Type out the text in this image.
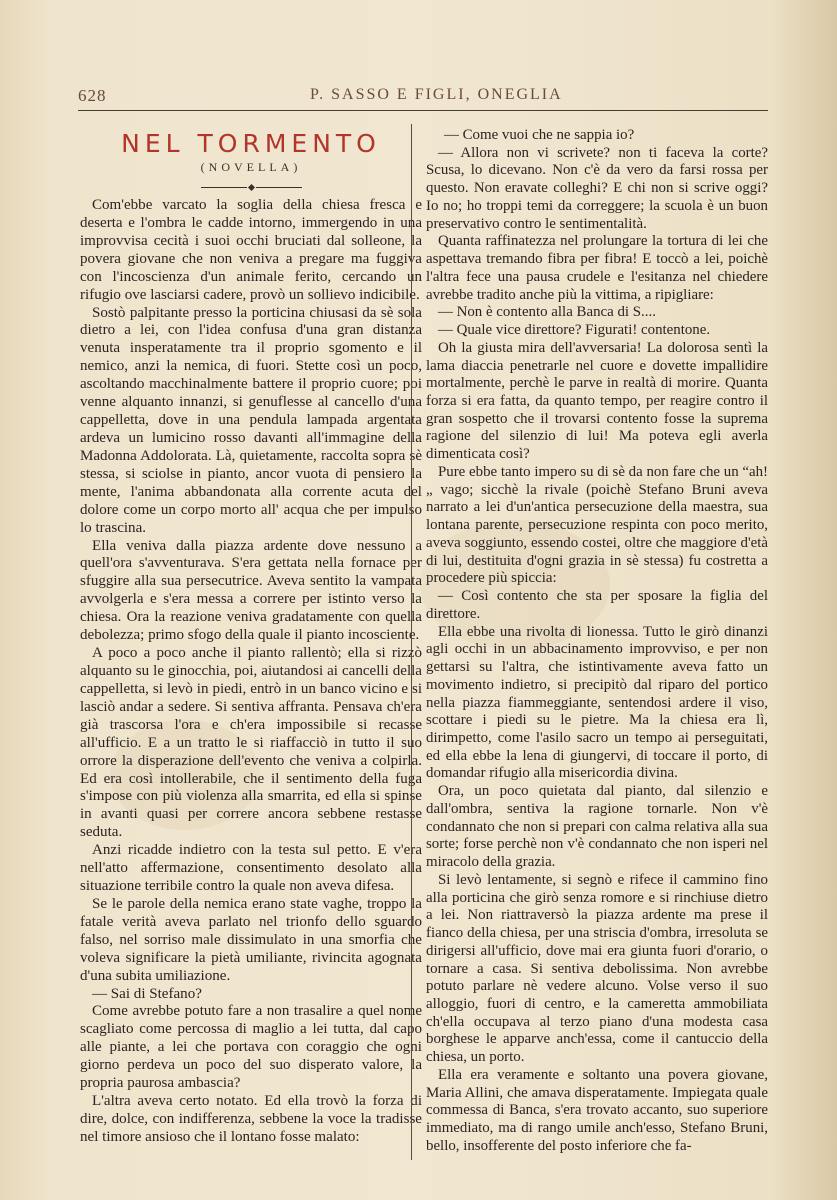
628	P. SASSO E FIGLI, ONEGLIA
NEL TORMENTO
(NOVELLA)

Com'ebbe varcato la soglia della chiesa fresca e deserta e l'ombra le cadde intorno, immergendo in una improvvisa cecità i suoi occhi bruciati dal solleone, la povera giovane che non veniva a pregare ma fuggiva con l'incoscienza d'un animale ferito, cercando un rifugio ove lasciarsi cadere, provò un sollievo indicibile.

Sostò palpitante presso la porticina chiusasi da sè sola dietro a lei, con l'idea confusa d'una gran distanza venuta insperatamente tra il proprio sgomento e il nemico, anzi la nemica, di fuori. Stette così un poco, ascoltando macchinalmente battere il proprio cuore; poi venne alquanto innanzi, si genuflesse al cancello d'una cappelletta, dove in una pendula lampada argentata ardeva un lumicino rosso davanti all'immagine della Madonna Addolorata. Là, quietamente, raccolta sopra sè stessa, si sciolse in pianto, ancor vuota di pensiero la mente, l'anima abbandonata alla corrente acuta del dolore come un corpo morto all' acqua che per impulso lo trascina.

Ella veniva dalla piazza ardente dove nessuno a quell'ora s'avventurava. S'era gettata nella fornace per sfuggire alla sua persecutrice. Aveva sentito la vampata avvolgerla e s'era messa a correre per istinto verso la chiesa. Ora la reazione veniva gradatamente con quella debolezza; primo sfogo della quale il pianto incosciente.

A poco a poco anche il pianto rallentò; ella si rizzò alquanto su le ginocchia, poi, aiutandosi ai cancelli della cappelletta, si levò in piedi, entrò in un banco vicino e si lasciò andar a sedere. Si sentiva affranta. Pensava ch'era già trascorsa l'ora e ch'era impossibile si recasse all'ufficio. E a un tratto le si riaffacciò in tutto il suo orrore la disperazione dell'evento che veniva a colpirla. Ed era così intollerabile, che il sentimento della fuga s'impose con più violenza alla smarrita, ed ella si spinse in avanti quasi per correre ancora sebbene restasse seduta.

Anzi ricadde indietro con la testa sul petto. E v'era nell'atto affermazione, consentimento desolato alla situazione terribile contro la quale non aveva difesa.

Se le parole della nemica erano state vaghe, troppo la fatale verità aveva parlato nel trionfo dello sguardo falso, nel sorriso male dissimulato in una smorfia che voleva significare la pietà umiliante, rivincita agognata d'una subita umiliazione.

— Sai di Stefano?

Come avrebbe potuto fare a non trasalire a quel nome scagliato come percossa di maglio a lei tutta, dal capo alle piante, a lei che portava con coraggio che ogni giorno perdeva un poco del suo disperato valore, la propria paurosa ambascia?

L'altra aveva certo notato. Ed ella trovò la forza di dire, dolce, con indifferenza, sebbene la voce la tradisse nel timore ansioso che il lontano fosse malato:

— Come vuoi che ne sappia io?

— Allora non vi scrivete? non ti faceva la corte? Scusa, lo dicevano. Non c'è da vero da farsi rossa per questo. Non eravate colleghi? E chi non si scrive oggi? Io no; ho troppi temi da correggere; la scuola è un buon preservativo contro le sentimentalità.

Quanta raffinatezza nel prolungare la tortura di lei che aspettava tremando fibra per fibra! E toccò a lei, poichè l'altra fece una pausa crudele e l'esitanza nel chiedere avrebbe tradito anche più la vittima, a ripigliare:

— Non è contento alla Banca di S....

— Quale vice direttore? Figurati! contentone.

Oh la giusta mira dell'avversaria! La dolorosa sentì la lama diaccia penetrarle nel cuore e dovette impallidire mortalmente, perchè le parve in realtà di morire. Quanta forza si era fatta, da quanto tempo, per reagire contro il gran sospetto che il trovarsi contento fosse la suprema ragione del silenzio di lui! Ma poteva egli averla dimenticata così?

Pure ebbe tanto impero su di sè da non fare che un “ah!„ vago; sicchè la rivale (poichè Stefano Bruni aveva narrato a lei d'un'antica persecuzione della maestra, sua lontana parente, persecuzione respinta con poco merito, aveva soggiunto, essendo costei, oltre che maggiore d'età di lui, destituita d'ogni grazia in sè stessa) fu costretta a procedere più spiccia:

— Così contento che sta per sposare la figlia del direttore.

Ella ebbe una rivolta di lionessa. Tutto le girò dinanzi agli occhi in un abbacinamento improvviso, e per non gettarsi su l'altra, che istintivamente aveva fatto un movimento indietro, si precipitò dal riparo del portico nella piazza fiammeggiante, sentendosi ardere il viso, scottare i piedi su le pietre. Ma la chiesa era lì, dirimpetto, come l'asilo sacro un tempo ai perseguitati, ed ella ebbe la lena di giungervi, di toccare il porto, di domandar rifugio alla misericordia divina.

Ora, un poco quietata dal pianto, dal silenzio e dall'ombra, sentiva la ragione tornarle. Non v'è condannato che non si prepari con calma relativa alla sua sorte; forse perchè non v'è condannato che non isperi nel miracolo della grazia.

Si levò lentamente, si segnò e rifece il cammino fino alla porticina che girò senza romore e si rinchiuse dietro a lei. Non riattraversò la piazza ardente ma prese il fianco della chiesa, per una striscia d'ombra, irresoluta se dirigersi all'ufficio, dove mai era giunta fuori d'orario, o tornare a casa. Si sentiva debolissima. Non avrebbe potuto parlare nè vedere alcuno. Volse verso il suo alloggio, fuori di centro, e la cameretta ammobiliata ch'ella occupava al terzo piano d'una modesta casa borghese le apparve anch'essa, come il cantuccio della chiesa, un porto.

Ella era veramente e soltanto una povera giovane, Maria Allini, che amava disperatamente. Impiegata quale commessa di Banca, s'era trovato accanto, suo superiore immediato, ma di rango umile anch'esso, Stefano Bruni, bello, insofferente del posto inferiore che fa-
